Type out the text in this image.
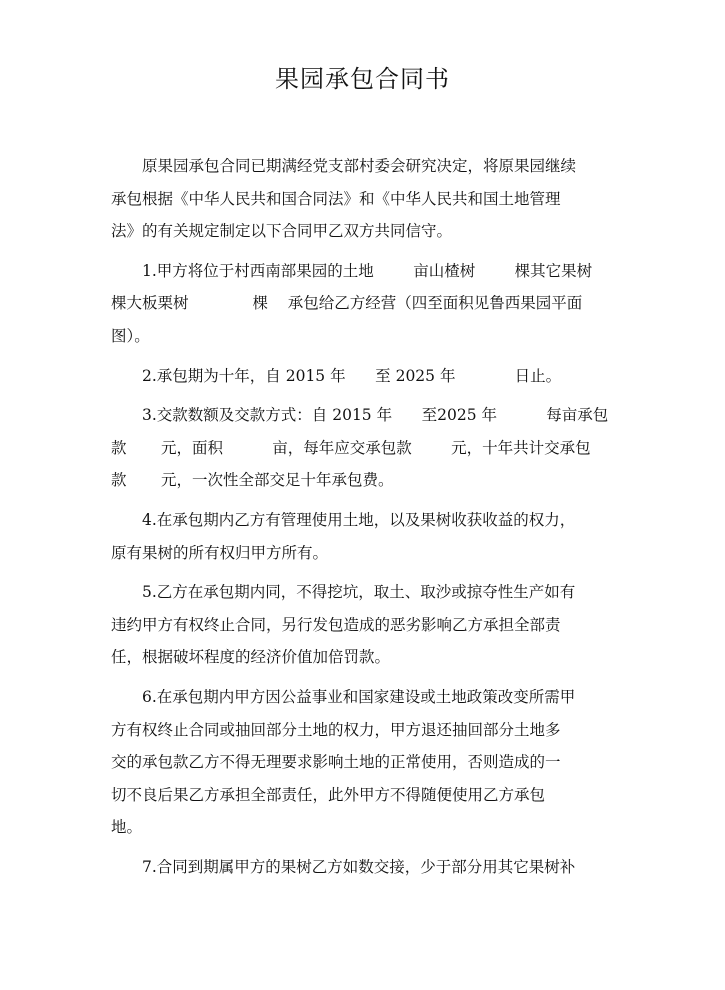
果园承包合同书
原果园承包合同已期满经党支部村委会研究决定，将原果园继续
承包根据《中华人民共和国合同法》和《中华人民共和国土地管理
法》的有关规定制定以下合同甲乙双方共同信守。
1.甲方将位于村西南部果园的土地        亩山楂树        棵其它果树
棵大板栗树             棵    承包给乙方经营（四至面积见鲁西果园平面
图）。
2.承包期为十年，自 2015 年      至 2025 年            日止。
3.交款数额及交款方式：自 2015 年      至2025 年          每亩承包
款       元，面积          亩，每年应交承包款        元，十年共计交承包
款       元，一次性全部交足十年承包费。
4.在承包期内乙方有管理使用土地，以及果树收获收益的权力，
原有果树的所有权归甲方所有。
5.乙方在承包期内同，不得挖坑，取土、取沙或掠夺性生产如有
违约甲方有权终止合同，另行发包造成的恶劣影响乙方承担全部责
任，根据破坏程度的经济价值加倍罚款。
6.在承包期内甲方因公益事业和国家建设或土地政策改变所需甲
方有权终止合同或抽回部分土地的权力，甲方退还抽回部分土地多
交的承包款乙方不得无理要求影响土地的正常使用，否则造成的一
切不良后果乙方承担全部责任，此外甲方不得随便使用乙方承包
地。
7.合同到期属甲方的果树乙方如数交接，少于部分用其它果树补
